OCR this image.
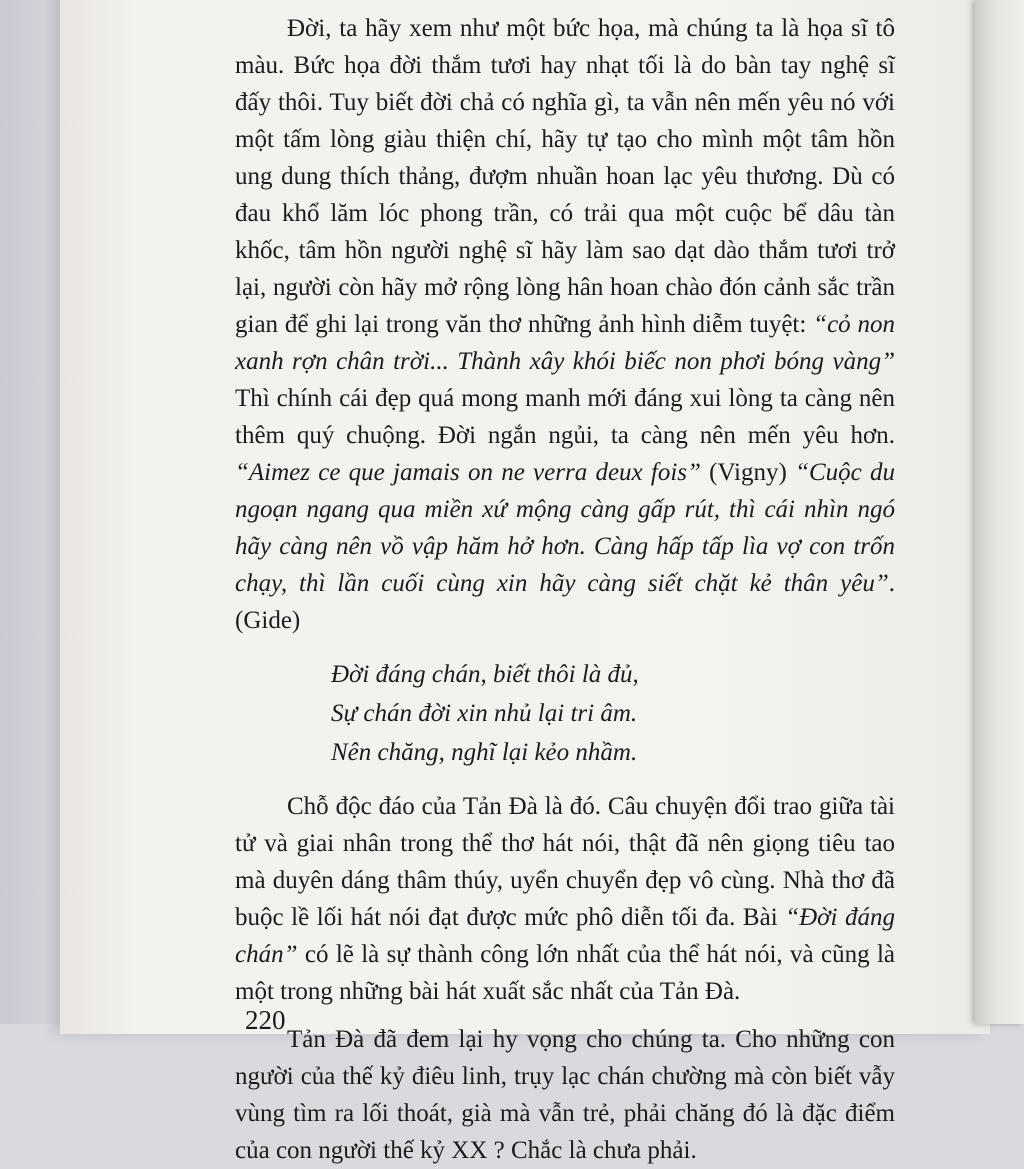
Đời, ta hãy xem như một bức họa, mà chúng ta là họa sĩ tô màu. Bức họa đời thắm tươi hay nhạt tối là do bàn tay nghệ sĩ đấy thôi. Tuy biết đời chả có nghĩa gì, ta vẫn nên mến yêu nó với một tấm lòng giàu thiện chí, hãy tự tạo cho mình một tâm hồn ung dung thích thảng, đượm nhuần hoan lạc yêu thương. Dù có đau khổ lăm lóc phong trần, có trải qua một cuộc bể dâu tàn khốc, tâm hồn người nghệ sĩ hãy làm sao dạt dào thắm tươi trở lại, người còn hãy mở rộng lòng hân hoan chào đón cảnh sắc trần gian để ghi lại trong văn thơ những ảnh hình diễm tuyệt: “cỏ non xanh rợn chân trời... Thành xây khói biếc non phơi bóng vàng” Thì chính cái đẹp quá mong manh mới đáng xui lòng ta càng nên thêm quý chuộng. Đời ngắn ngủi, ta càng nên mến yêu hơn. “Aimez ce que jamais on ne verra deux fois” (Vigny) “Cuộc du ngoạn ngang qua miền xứ mộng càng gấp rút, thì cái nhìn ngó hãy càng nên vồ vập hăm hở hơn. Càng hấp tấp lìa vợ con trốn chạy, thì lần cuối cùng xin hãy càng siết chặt kẻ thân yêu”. (Gide)

Đời đáng chán, biết thôi là đủ,
Sự chán đời xin nhủ lại tri âm.
Nên chăng, nghĩ lại kẻo nhầm.

Chỗ độc đáo của Tản Đà là đó. Câu chuyện đổi trao giữa tài tử và giai nhân trong thể thơ hát nói, thật đã nên giọng tiêu tao mà duyên dáng thâm thúy, uyển chuyển đẹp vô cùng. Nhà thơ đã buộc lề lối hát nói đạt được mức phô diễn tối đa. Bài “Đời đáng chán” có lẽ là sự thành công lớn nhất của thể hát nói, và cũng là một trong những bài hát xuất sắc nhất của Tản Đà.

Tản Đà đã đem lại hy vọng cho chúng ta. Cho những con người của thế kỷ điêu linh, trụy lạc chán chường mà còn biết vẫy vùng tìm ra lối thoát, già mà vẫn trẻ, phải chăng đó là đặc điểm của con người thế kỷ XX ? Chắc là chưa phải.

220
